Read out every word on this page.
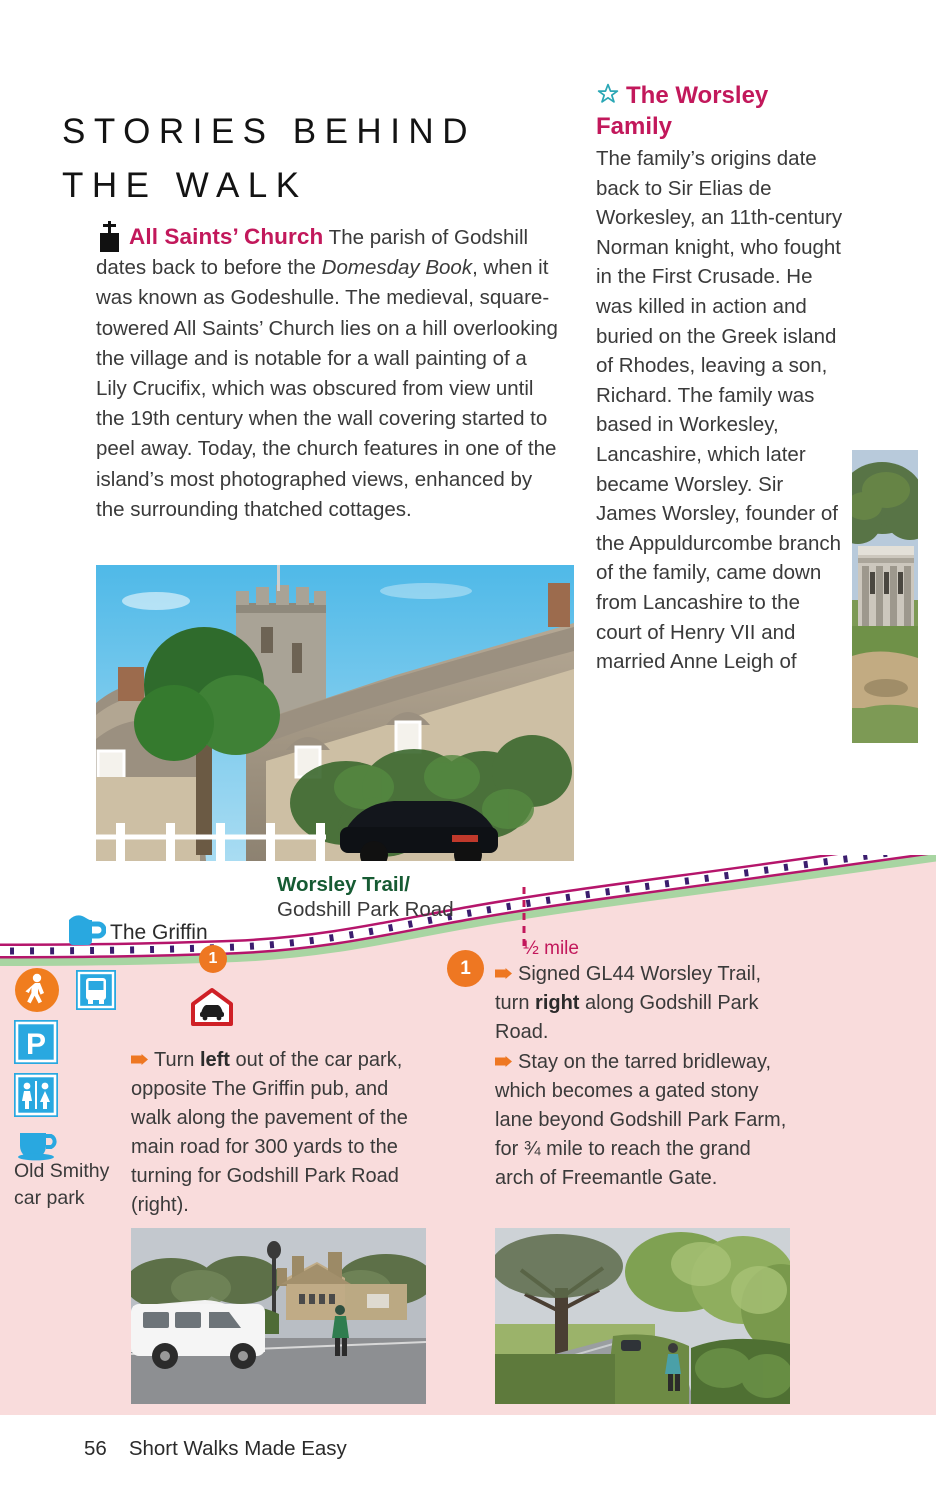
STORIES BEHIND THE WALK
All Saints’ Church The parish of Godshill dates back to before the Domesday Book, when it was known as Godeshulle. The medieval, square-towered All Saints’ Church lies on a hill overlooking the village and is notable for a wall painting of a Lily Crucifix, which was obscured from view until the 19th century when the wall covering started to peel away. Today, the church features in one of the island’s most photographed views, enhanced by the surrounding thatched cottages.
The Worsley Family
The family’s origins date back to Sir Elias de Workesley, an 11th-century Norman knight, who fought in the First Crusade. He was killed in action and buried on the Greek island of Rhodes, leaving a son, Richard. The family was based in Workesley, Lancashire, which later became Worsley. Sir James Worsley, founder of the Appuldurcombe branch of the family, came down from Lancashire to the court of Henry VII and married Anne Leigh of
Worsley Trail/
Godshill Park Road
The Griffin
½ mile
1	1
P
Old Smithy car park

Turn left out of the car park, opposite The Griffin pub, and walk along the pavement of the main road for 300 yards to the turning for Godshill Park Road (right).

Signed GL44 Worsley Trail, turn right along Godshill Park Road.

Stay on the tarred bridleway, which becomes a gated stony lane beyond Godshill Park Farm, for ¾ mile to reach the grand arch of Freemantle Gate.

56 Short Walks Made Easy
